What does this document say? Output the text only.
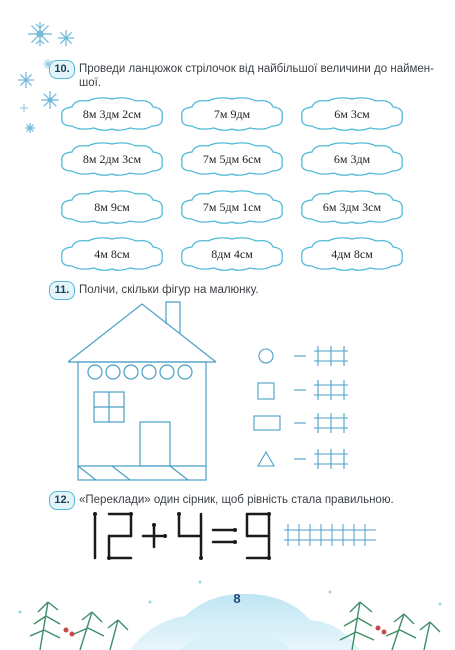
10. Проведи ланцюжок стрілочок від найбільшої величини до наймен-
шої.
8м 3дм 2см	7м 9дм	6м 3см
8м 2дм 3см	7м 5дм 6см	6м 3дм
8м 9см	7м 5дм 1см	6м 3дм 3см
4м 8см	8дм 4см	4дм 8см
11. Полічи, скільки фігур на малюнку.
12. «Переклади» один сірник, щоб рівність стала правильною.
8
